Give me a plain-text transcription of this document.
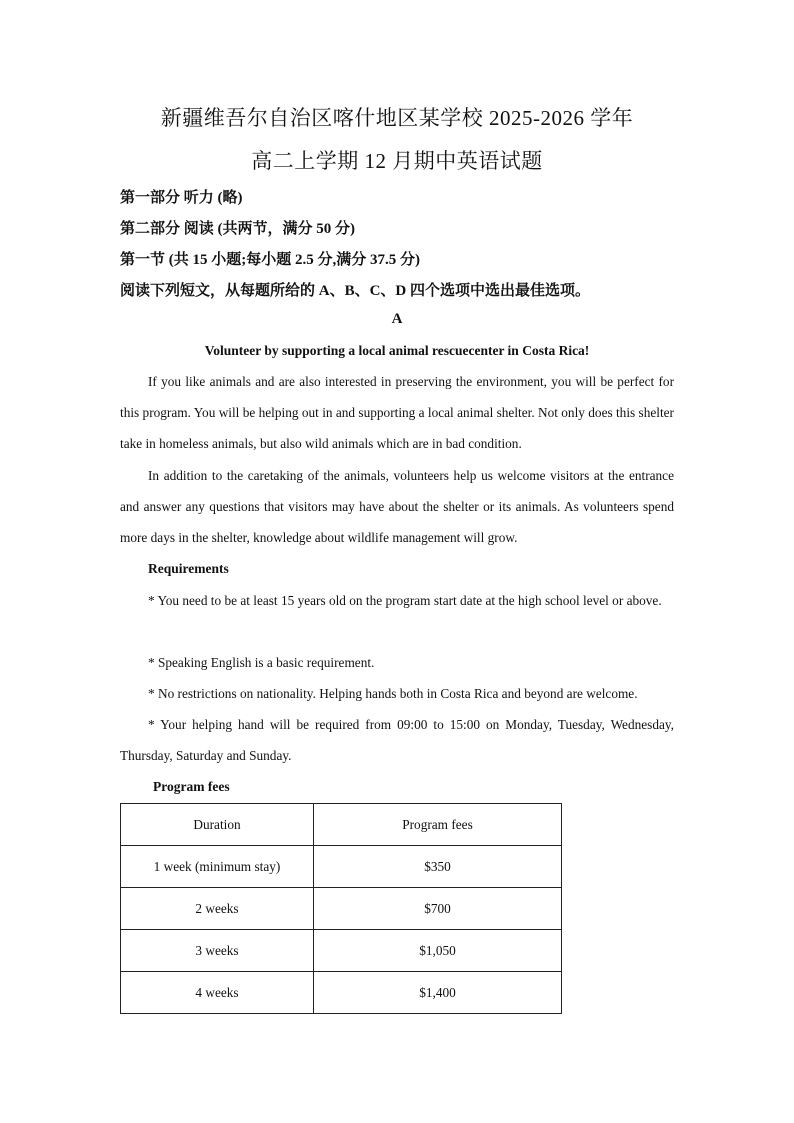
新疆维吾尔自治区喀什地区某学校 2025-2026 学年
高二上学期 12 月期中英语试题
第一部分 听力 (略)
第二部分 阅读 (共两节，满分 50 分)
第一节 (共 15 小题;每小题 2.5 分,满分 37.5 分)
阅读下列短文，从每题所给的 A、B、C、D 四个选项中选出最佳选项。
A
Volunteer by supporting a local animal rescuecenter in Costa Rica!
If you like animals and are also interested in preserving the environment, you will be perfect for this program. You will be helping out in and supporting a local animal shelter. Not only does this shelter take in homeless animals, but also wild animals which are in bad condition.
In addition to the caretaking of the animals, volunteers help us welcome visitors at the entrance and answer any questions that visitors may have about the shelter or its animals. As volunteers spend more days in the shelter, knowledge about wildlife management will grow.
Requirements
* You need to be at least 15 years old on the program start date at the high school level or above.
* Speaking English is a basic requirement.
* No restrictions on nationality. Helping hands both in Costa Rica and beyond are welcome.
* Your helping hand will be required from 09:00 to 15:00 on Monday, Tuesday, Wednesday, Thursday, Saturday and Sunday.
Program fees
Duration	Program fees
1 week (minimum stay)	$350
2 weeks	$700
3 weeks	$1,050
4 weeks	$1,400
